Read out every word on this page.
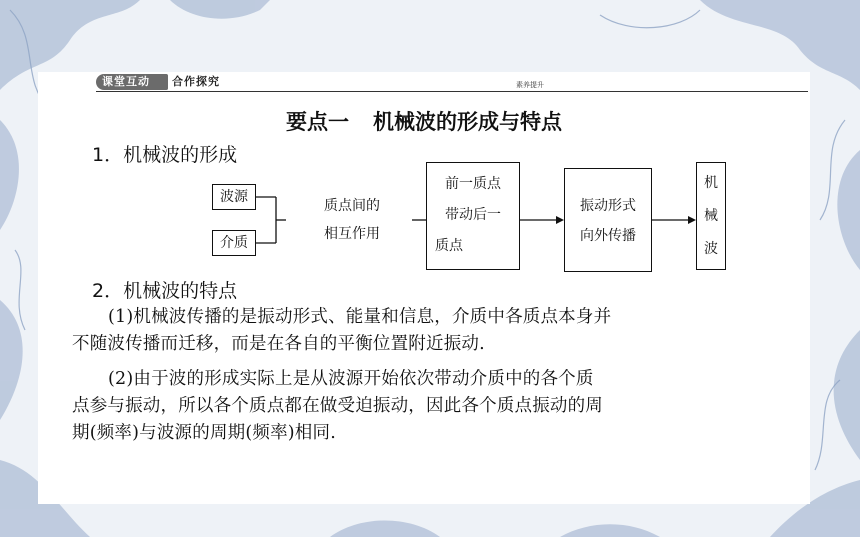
课堂互动 合作探究	素养提升
要点一 机械波的形成与特点
1．机械波的形成
波源
介质
质点间的
相互作用
前一质点
带动后一
质点
振动形式
向外传播
机
械
波
2．机械波的特点
(1)机械波传播的是振动形式、能量和信息，介质中各质点本身并
不随波传播而迁移，而是在各自的平衡位置附近振动.
(2)由于波的形成实际上是从波源开始依次带动介质中的各个质
点参与振动，所以各个质点都在做受迫振动，因此各个质点振动的周
期(频率)与波源的周期(频率)相同.
